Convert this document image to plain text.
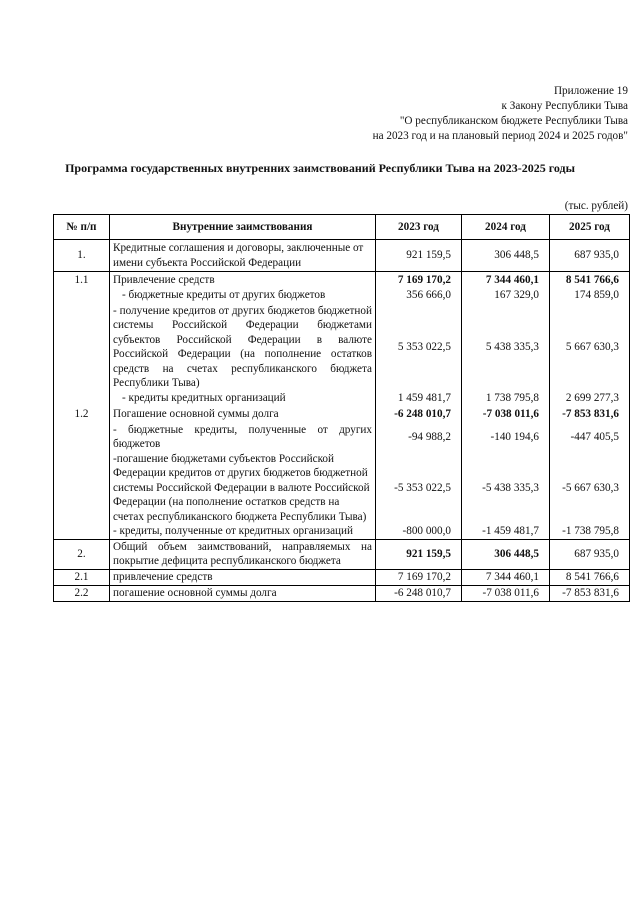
Приложение 19
к Закону Республики Тыва
"О республиканском бюджете Республики Тыва
на 2023 год и на плановый период 2024 и 2025 годов"
Программа государственных внутренних заимствований Республики Тыва на 2023-2025 годы
(тыс. рублей)
№ п/п	Внутренние заимствования	2023 год	2024 год	2025 год
1.	Кредитные соглашения и договоры, заключенные от имени субъекта Российской Федерации	921 159,5	306 448,5	687 935,0
1.1	Привлечение средств	7 169 170,2	7 344 460,1	8 541 766,6
	- бюджетные кредиты от других бюджетов	356 666,0	167 329,0	174 859,0
	- получение кредитов от других бюджетов бюджетной системы Российской Федерации бюджетами субъектов Российской Федерации в валюте Российской Федерации (на пополнение остатков средств на счетах республиканского бюджета Республики Тыва)	5 353 022,5	5 438 335,3	5 667 630,3
	- кредиты кредитных организаций	1 459 481,7	1 738 795,8	2 699 277,3
1.2	Погашение основной суммы долга	-6 248 010,7	-7 038 011,6	-7 853 831,6
	- бюджетные кредиты, полученные от других бюджетов	-94 988,2	-140 194,6	-447 405,5
	-погашение бюджетами субъектов Российской Федерации кредитов от других бюджетов бюджетной системы Российской Федерации в валюте Российской Федерации (на пополнение остатков средств на счетах республиканского бюджета Республики Тыва)	-5 353 022,5	-5 438 335,3	-5 667 630,3
	- кредиты, полученные от кредитных организаций	-800 000,0	-1 459 481,7	-1 738 795,8
2.	Общий объем заимствований, направляемых на покрытие дефицита республиканского бюджета	921 159,5	306 448,5	687 935,0
2.1	привлечение средств	7 169 170,2	7 344 460,1	8 541 766,6
2.2	погашение основной суммы долга	-6 248 010,7	-7 038 011,6	-7 853 831,6
